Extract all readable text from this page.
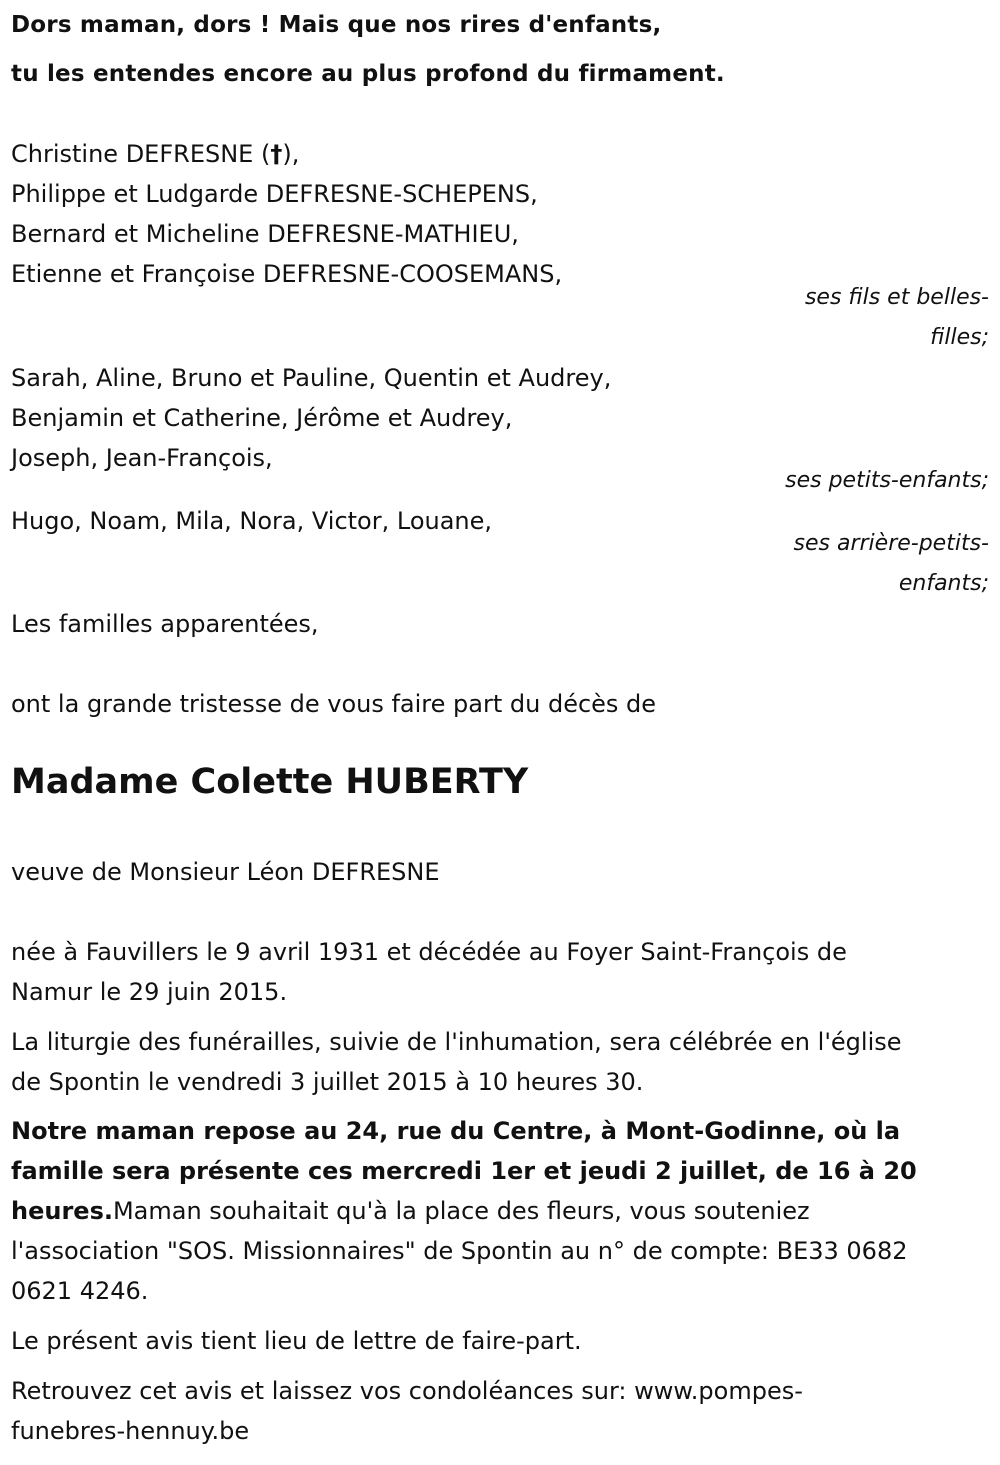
Dors maman, dors ! Mais que nos rires d'enfants,
tu les entendes encore au plus profond du firmament.
Christine DEFRESNE (†),
Philippe et Ludgarde DEFRESNE-SCHEPENS,
Bernard et Micheline DEFRESNE-MATHIEU,
Etienne et Françoise DEFRESNE-COOSEMANS,
ses fils et belles-
filles;
Sarah, Aline, Bruno et Pauline, Quentin et Audrey,
Benjamin et Catherine, Jérôme et Audrey,
Joseph, Jean-François,
ses petits-enfants;
Hugo, Noam, Mila, Nora, Victor, Louane,
ses arrière-petits-
enfants;
Les familles apparentées,
ont la grande tristesse de vous faire part du décès de
Madame Colette HUBERTY
veuve de Monsieur Léon DEFRESNE
née à Fauvillers le 9 avril 1931 et décédée au Foyer Saint-François de
Namur le 29 juin 2015.
La liturgie des funérailles, suivie de l'inhumation, sera célébrée en l'église
de Spontin le vendredi 3 juillet 2015 à 10 heures 30.
Notre maman repose au 24, rue du Centre, à Mont-Godinne, où la
famille sera présente ces mercredi 1er et jeudi 2 juillet, de 16 à 20
heures.Maman souhaitait qu'à la place des fleurs, vous souteniez
l'association "SOS. Missionnaires" de Spontin au n° de compte: BE33 0682
0621 4246.
Le présent avis tient lieu de lettre de faire-part.
Retrouvez cet avis et laissez vos condoléances sur: www.pompes-
funebres-hennuy.be
